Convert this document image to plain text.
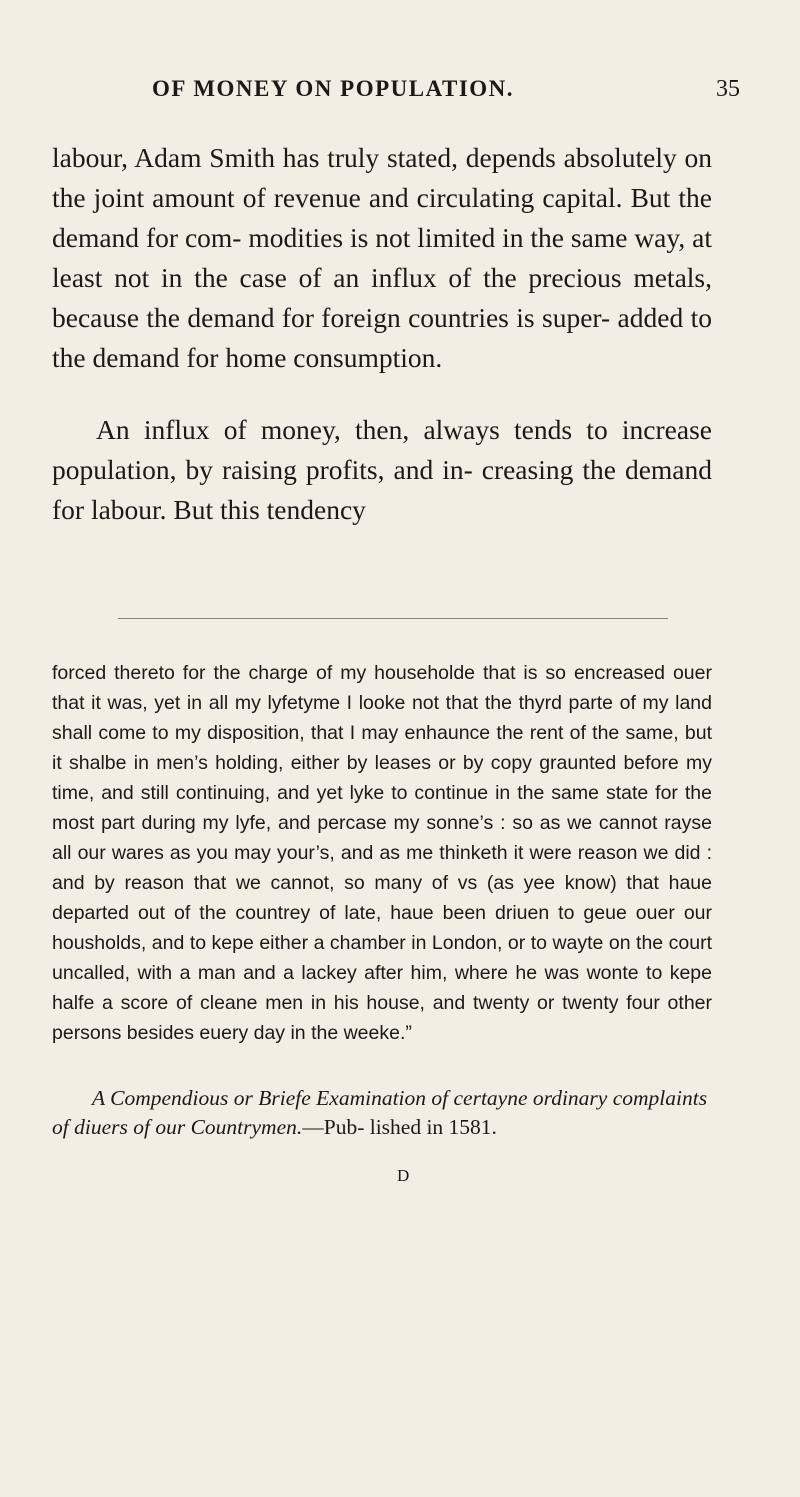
OF MONEY ON POPULATION.	35

labour, Adam Smith has truly stated, depends absolutely on the joint amount of revenue and circulating capital. But the demand for com- modities is not limited in the same way, at least not in the case of an influx of the precious metals, because the demand for foreign countries is super- added to the demand for home consumption.

An influx of money, then, always tends to increase population, by raising profits, and in- creasing the demand for labour. But this tendency

forced thereto for the charge of my householde that is so encreased ouer that it was, yet in all my lyfetyme I looke not that the thyrd parte of my land shall come to my disposition, that I may enhaunce the rent of the same, but it shalbe in men’s holding, either by leases or by copy graunted before my time, and still continuing, and yet lyke to continue in the same state for the most part during my lyfe, and percase my sonne’s : so as we cannot rayse all our wares as you may your’s, and as me thinketh it were reason we did : and by reason that we cannot, so many of vs (as yee know) that haue departed out of the countrey of late, haue been driuen to geue ouer our housholds, and to kepe either a chamber in London, or to wayte on the court uncalled, with a man and a lackey after him, where he was wonte to kepe halfe a score of cleane men in his house, and twenty or twenty four other persons besides euery day in the weeke.”

A Compendious or Briefe Examination of certayne ordinary complaints of diuers of our Countrymen.—Pub- lished in 1581.
D
